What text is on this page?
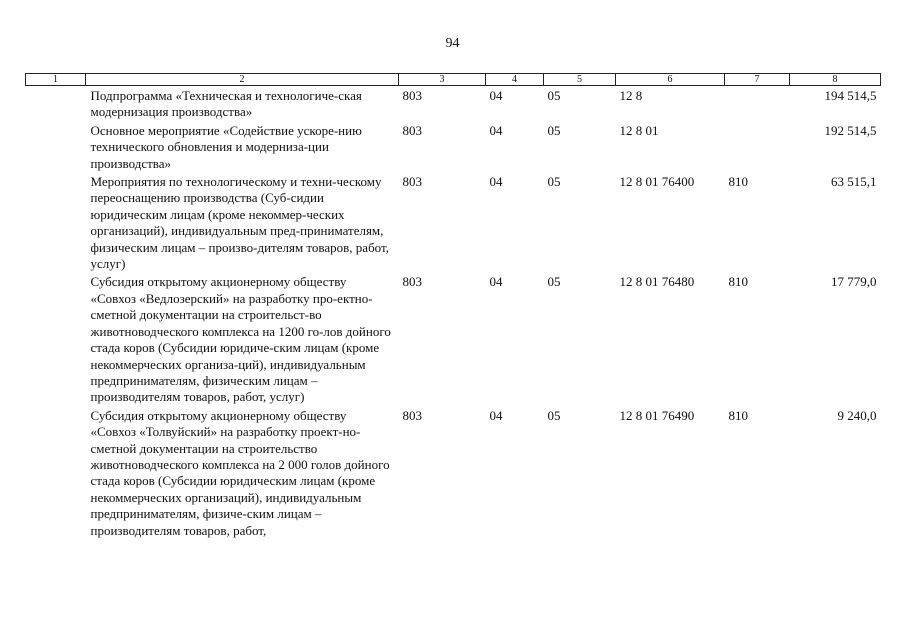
94
1	2	3	4	5	6	7	8
	Подпрограмма «Техническая и технологиче-ская модернизация производства»	803	04	05	12 8		194 514,5
	Основное мероприятие «Содействие ускоре-нию технического обновления и модерниза-ции производства»	803	04	05	12 8 01		192 514,5
	Мероприятия по технологическому и техни-ческому переоснащению производства (Суб-сидии юридическим лицам (кроме некоммер-ческих организаций), индивидуальным пред-принимателям, физическим лицам – произво-дителям товаров, работ, услуг)	803	04	05	12 8 01 76400	810	63 515,1
	Субсидия открытому акционерному обществу «Совхоз «Ведлозерский» на разработку про-ектно-сметной документации на строительст-во животноводческого комплекса на 1200 го-лов дойного стада коров (Субсидии юридиче-ским лицам (кроме некоммерческих организа-ций), индивидуальным предпринимателям, физическим лицам – производителям товаров, работ, услуг)	803	04	05	12 8 01 76480	810	17 779,0
	Субсидия открытому акционерному обществу «Совхоз «Толвуйский» на разработку проект-но-сметной документации на строительство животноводческого комплекса на 2 000 голов дойного стада коров (Субсидии юридическим лицам (кроме некоммерческих организаций), индивидуальным предпринимателям, физиче-ским лицам – производителям товаров, работ,	803	04	05	12 8 01 76490	810	9 240,0
